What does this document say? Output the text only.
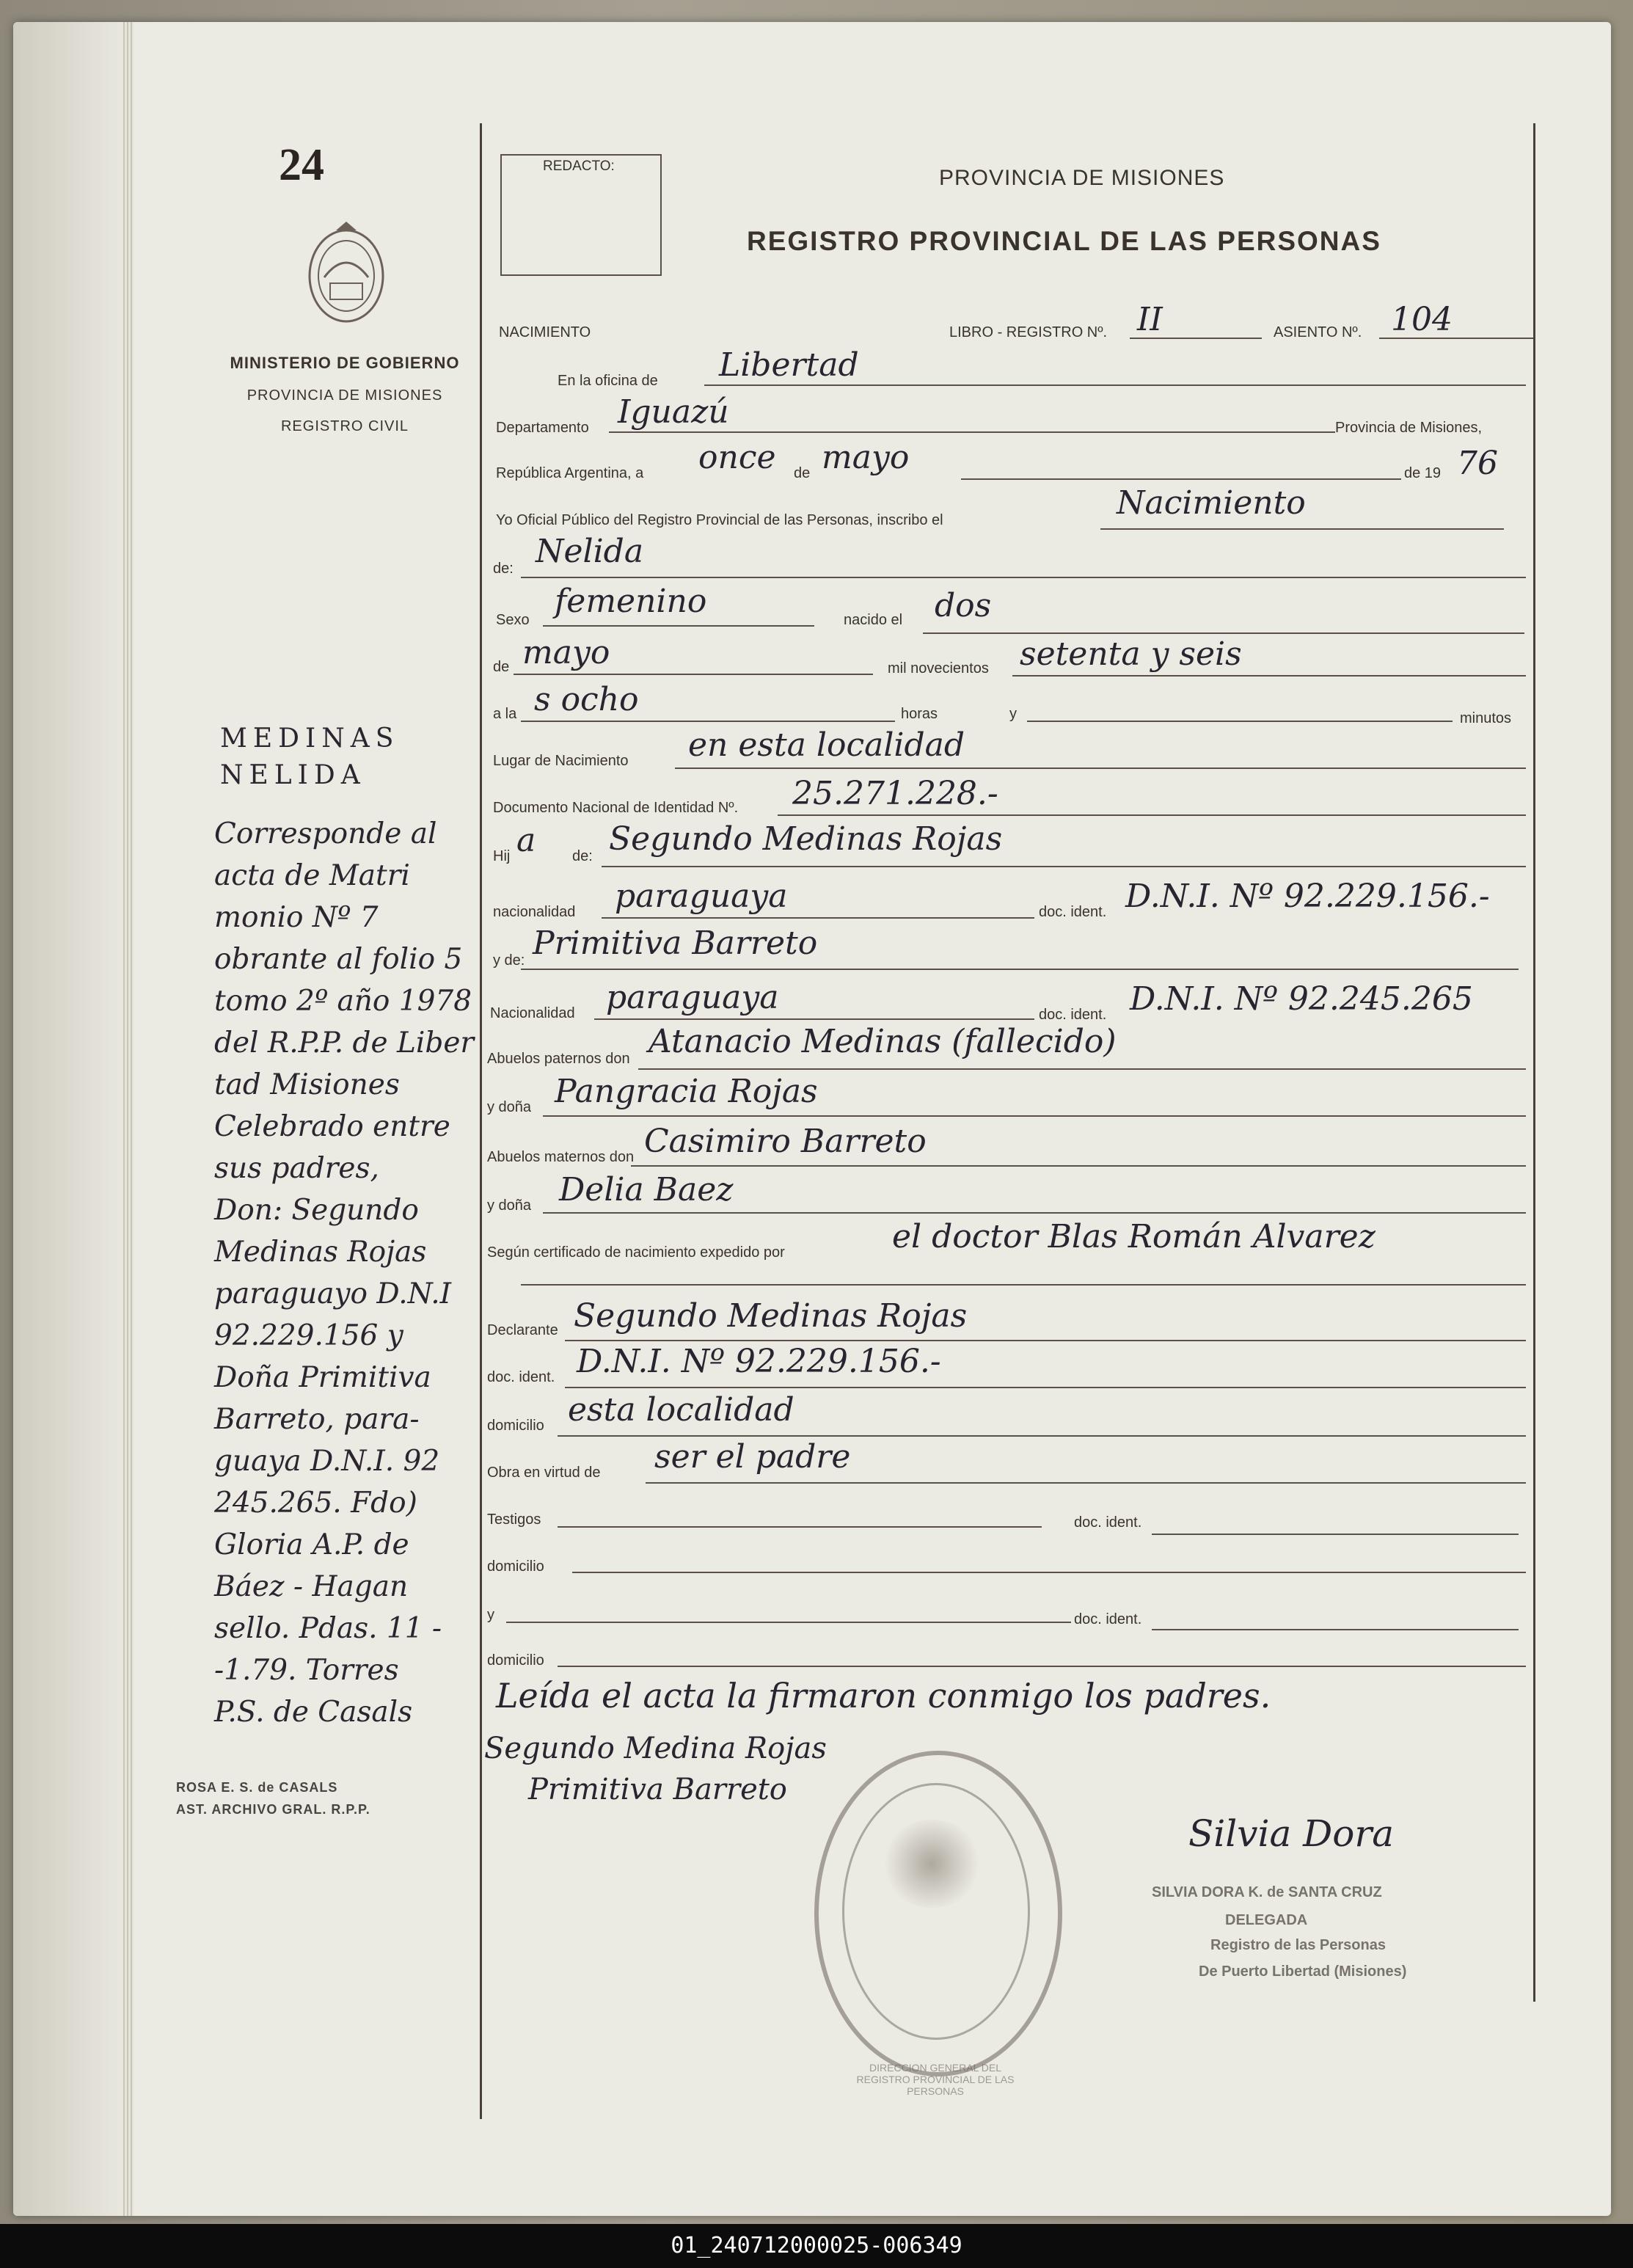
24
MINISTERIO DE GOBIERNO
PROVINCIA DE MISIONES
REGISTRO CIVIL
REDACTO:	PROVINCIA DE MISIONES
REGISTRO PROVINCIAL DE LAS PERSONAS
NACIMIENTO	LIBRO - REGISTRO Nº. II	ASIENTO Nº. 104
En la oficina de Libertad
Departamento Iguazú	Provincia de Misiones,
República Argentina, a once de mayo	de 19 76
Yo Oficial Público del Registro Provincial de las Personas, inscribo el	Nacimiento
de: Nelida
Sexo femenino	nacido el dos
de mayo	mil novecientos setenta y seis
a la s ocho	horas	y	minutos
Lugar de Nacimiento en esta localidad
Documento Nacional de Identidad Nº. 25.271.228.-
Hij a de: Segundo Medinas Rojas
nacionalidad paraguaya	doc. ident. D.N.I. Nº 92.229.156.-
y de: Primitiva Barreto
Nacionalidad paraguaya	doc. ident. D.N.I. Nº 92.245.265
Abuelos paternos don Atanacio Medinas (fallecido)
y doña Pangracia Rojas
Abuelos maternos don Casimiro Barreto
y doña Delia Baez
Según certificado de nacimiento expedido por	el doctor Blas Román Alvarez
Declarante Segundo Medinas Rojas
doc. ident. D.N.I. Nº 92.229.156.-
domicilio esta localidad
Obra en virtud de ser el padre
Testigos	doc. ident.
domicilio
y	doc. ident.
domicilio
Leída el acta la firmaron conmigo los padres.
Segundo Medina Rojas
Primitiva Barreto
DIRECCION GENERAL DEL REGISTRO PROVINCIAL DE LAS PERSONAS
Silvia Dora
SILVIA DORA K. de SANTA CRUZ
DELEGADA
Registro de las Personas
De Puerto Libertad (Misiones)
MEDINAS
NELIDA
Corresponde al
acta de Matri
monio Nº 7
obrante al folio 5
tomo 2º año 1978
del R.P.P. de Liber
tad Misiones
Celebrado entre
sus padres,
Don: Segundo
Medinas Rojas
paraguayo D.N.I
92.229.156 y
Doña Primitiva
Barreto, para-
guaya D.N.I. 92
245.265. Fdo)
Gloria A.P. de
Báez - Hagan
sello. Pdas. 11 -
-1.79. Torres
P.S. de Casals
ROSA E. S. de CASALS
AST. ARCHIVO GRAL. R.P.P.
01_240712000025-006349
